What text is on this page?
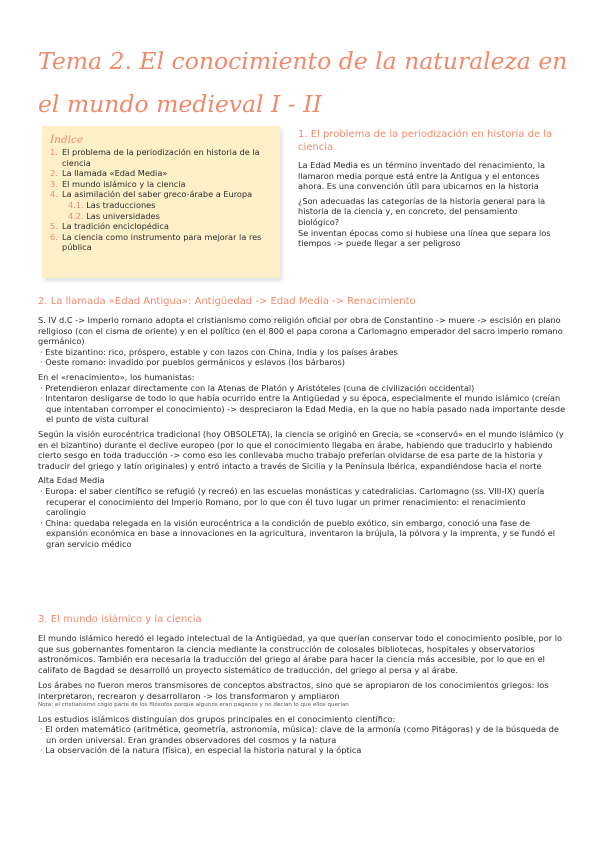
Tema 2. El conocimiento de la naturaleza en el mundo medieval I - II
Índice
1. El problema de la periodización en historia de la ciencia
2. La llamada «Edad Media»
3. El mundo islámico y la ciencia
4. La asimilación del saber greco-árabe a Europa
4.1. Las traducciones
4.2. Las universidades
5. La tradición enciclopédica
6. La ciencia como instrumento para mejorar la res pública
1. El problema de la periodización en historia de la ciencia

La Edad Media es un término inventado del renacimiento, la llamaron media porque está entre la Antigua y el entonces ahora. Es una convención útil para ubicarnos en la historia

¿Son adecuadas las categorías de la historia general para la historia de la ciencia y, en concreto, del pensamiento biológico?

Se inventan épocas como si hubiese una línea que separa los tiempos -> puede llegar a ser peligroso

2. La llamada «Edad Antigua»: Antigüedad -> Edad Media -> Renacimiento

S. IV d.C -> Imperio romano adopta el cristianismo como religión oficial por obra de Constantino -> muere -> escisión en plano religioso (con el cisma de oriente) y en el político (en el 800 el papa corona a Carlomagno emperador del sacro imperio romano germánico)

· Este bizantino: rico, próspero, estable y con lazos con China, India y los países árabes
· Oeste romano: invadido por pueblos germánicos y eslavos (los bárbaros)

En el «renacimiento», los humanistas:

· Pretendieron enlazar directamente con la Atenas de Platón y Aristóteles (cuna de civilización occidental)
· Intentaron desligarse de todo lo que había ocurrido entre la Antigüedad y su época, especialmente el mundo islámico (creían que intentaban corromper el conocimiento) -> despreciaron la Edad Media, en la que no había pasado nada importante desde el punto de vista cultural

Según la visión eurocéntrica tradicional (hoy OBSOLETA), la ciencia se originó en Grecia, se «conservó» en el mundo islámico (y en el bizantino) durante el declive europeo (por lo que el conocimiento llegaba en árabe, habiendo que traducirlo y habiendo cierto sesgo en toda traducción -> como eso les conllevaba mucho trabajo preferían olvidarse de esa parte de la historia y traducir del griego y latín originales) y entró intacto a través de Sicilia y la Península Ibérica, expandiéndose hacia el norte

Alta Edad Media

· Europa: el saber científico se refugió (y recreó) en las escuelas monásticas y catedralicias. Carlomagno (ss. VIII-IX) quería recuperar el conocimiento del Imperio Romano, por lo que con él tuvo lugar un primer renacimiento: el renacimiento carolingio
· China: quedaba relegada en la visión eurocéntrica a la condición de pueblo exótico, sin embargo, conoció una fase de expansión económica en base a innovaciones en la agricultura, inventaron la brújula, la pólvora y la imprenta, y se fundó el gran servicio médico
3. El mundo islámico y la ciencia

El mundo islámico heredó el legado intelectual de la Antigüedad, ya que querían conservar todo el conocimiento posible, por lo que sus gobernantes fomentaron la ciencia mediante la construcción de colosales bibliotecas, hospitales y observatorios astronómicos. También era necesaria la traducción del griego al árabe para hacer la ciencia más accesible, por lo que en el califato de Bagdad se desarrolló un proyecto sistemático de traducción, del griego al persa y al árabe.

Los árabes no fueron meros transmisores de conceptos abstractos, sino que se apropiaron de los conocimientos griegos: los interpretaron, recrearon y desarrollaron -> los transformaron y ampliaron

Nota: el cristianismo cogió parte de los filósofos porque algunos eran paganos y no decían lo que ellos querían

Los estudios islámicos distinguían dos grupos principales en el conocimiento científico:

· El orden matemático (aritmética, geometría, astronomía, música): clave de la armonía (como Pitágoras) y de la búsqueda de un orden universal. Eran grandes observadores del cosmos y la natura
· La observación de la natura (física), en especial la historia natural y la óptica
